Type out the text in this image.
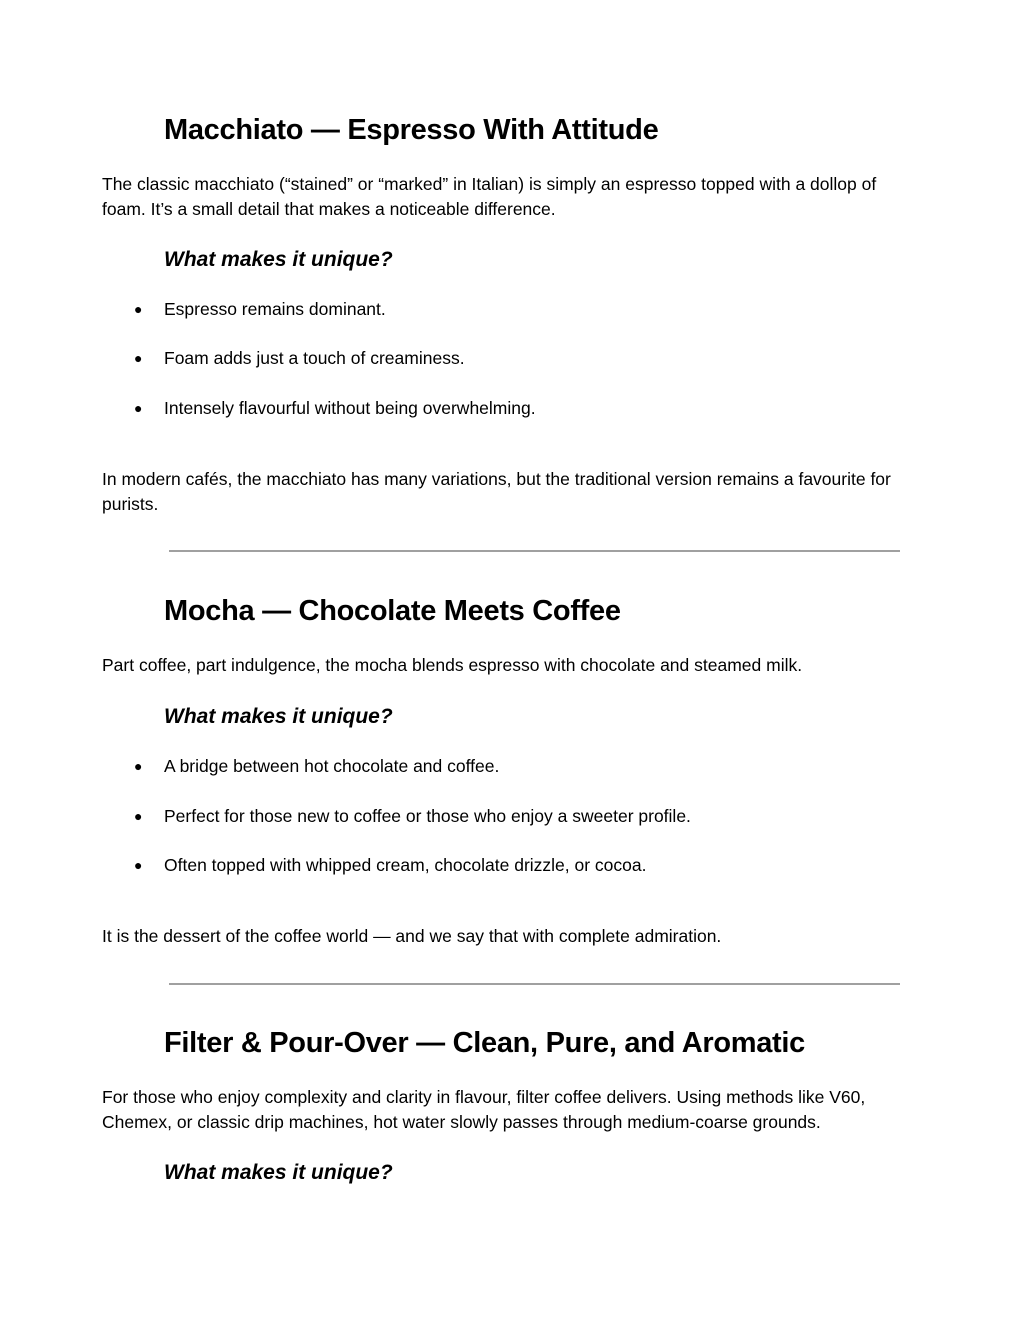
Macchiato — Espresso With Attitude

The classic macchiato (“stained” or “marked” in Italian) is simply an espresso topped with a dollop of foam. It’s a small detail that makes a noticeable difference.

What makes it unique?
●	Espresso remains dominant.
●	Foam adds just a touch of creaminess.
●	Intensely flavourful without being overwhelming.

In modern cafés, the macchiato has many variations, but the traditional version remains a favourite for purists.

Mocha — Chocolate Meets Coffee

Part coffee, part indulgence, the mocha blends espresso with chocolate and steamed milk.

What makes it unique?
●	A bridge between hot chocolate and coffee.
●	Perfect for those new to coffee or those who enjoy a sweeter profile.
●	Often topped with whipped cream, chocolate drizzle, or cocoa.

It is the dessert of the coffee world — and we say that with complete admiration.

Filter & Pour-Over — Clean, Pure, and Aromatic

For those who enjoy complexity and clarity in flavour, filter coffee delivers. Using methods like V60, Chemex, or classic drip machines, hot water slowly passes through medium-coarse grounds.

What makes it unique?
